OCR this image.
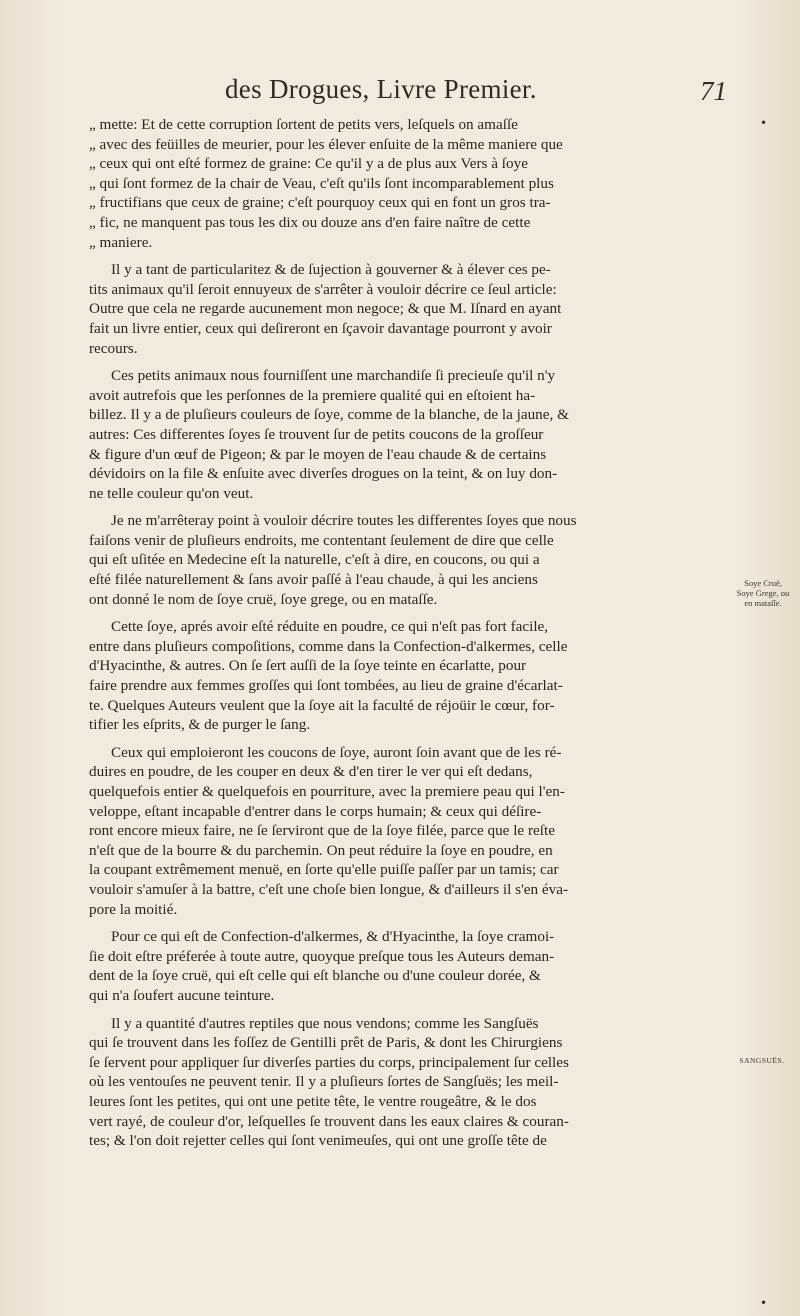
des Drogues, Livre Premier.	71
„ mette: Et de cette corruption ſortent de petits vers, leſquels on amaſſe
„ avec des feüilles de meurier, pour les élever enſuite de la même maniere que
„ ceux qui ont eſté formez de graine: Ce qu'il y a de plus aux Vers à ſoye
„ qui ſont formez de la chair de Veau, c'eſt qu'ils ſont incomparablement plus
„ fructifians que ceux de graine; c'eſt pourquoy ceux qui en font un gros tra-
„ fic, ne manquent pas tous les dix ou douze ans d'en faire naître de cette
„ maniere.
Il y a tant de particularitez & de ſujection à gouverner & à élever ces pe-
tits animaux qu'il ſeroit ennuyeux de s'arrêter à vouloir décrire ce ſeul article:
Outre que cela ne regarde aucunement mon negoce; & que M. Iſnard en ayant
fait un livre entier, ceux qui deſireront en ſçavoir davantage pourront y avoir
recours.
Ces petits animaux nous fourniſſent une marchandiſe ſi precieuſe qu'il n'y
avoit autrefois que les perſonnes de la premiere qualité qui en eſtoient ha-
billez. Il y a de pluſieurs couleurs de ſoye, comme de la blanche, de la jaune, &
autres: Ces differentes ſoyes ſe trouvent ſur de petits coucons de la groſſeur
& figure d'un œuf de Pigeon; & par le moyen de l'eau chaude & de certains
dévidoirs on la file & enſuite avec diverſes drogues on la teint, & on luy don-
ne telle couleur qu'on veut.
Je ne m'arrêteray point à vouloir décrire toutes les differentes ſoyes que nous
faiſons venir de pluſieurs endroits, me contentant ſeulement de dire que celle
qui eſt uſitée en Medecine eſt la naturelle, c'eſt à dire, en coucons, ou qui a
eſté filée naturellement & ſans avoir paſſé à l'eau chaude, à qui les anciens
ont donné le nom de ſoye cruë, ſoye grege, ou en mataſſe.
Cette ſoye, aprés avoir eſté réduite en poudre, ce qui n'eſt pas fort facile,
entre dans pluſieurs compoſitions, comme dans la Confection-d'alkermes, celle
d'Hyacinthe, & autres. On ſe ſert auſſi de la ſoye teinte en écarlatte, pour
faire prendre aux femmes groſſes qui ſont tombées, au lieu de graine d'écarlat-
te. Quelques Auteurs veulent que la ſoye ait la faculté de réjoüir le cœur, for-
tifier les eſprits, & de purger le ſang.
Ceux qui emploieront les coucons de ſoye, auront ſoin avant que de les ré-
duires en poudre, de les couper en deux & d'en tirer le ver qui eſt dedans,
quelquefois entier & quelquefois en pourriture, avec la premiere peau qui l'en-
veloppe, eſtant incapable d'entrer dans le corps humain; & ceux qui déſire-
ront encore mieux faire, ne ſe ſerviront que de la ſoye filée, parce que le reſte
n'eſt que de la bourre & du parchemin. On peut réduire la ſoye en poudre, en
la coupant extrêmement menuë, en ſorte qu'elle puiſſe paſſer par un tamis; car
vouloir s'amuſer à la battre, c'eſt une choſe bien longue, & d'ailleurs il s'en éva-
pore la moitié.
Pour ce qui eſt de Confection-d'alkermes, & d'Hyacinthe, la ſoye cramoi-
ſie doit eſtre préferée à toute autre, quoyque preſque tous les Auteurs deman-
dent de la ſoye cruë, qui eſt celle qui eſt blanche ou d'une couleur dorée, &
qui n'a ſoufert aucune teinture.
Il y a quantité d'autres reptiles que nous vendons; comme les Sangſuës
qui ſe trouvent dans les foſſez de Gentilli prêt de Paris, & dont les Chirurgiens
ſe ſervent pour appliquer ſur diverſes parties du corps, principalement ſur celles
où les ventouſes ne peuvent tenir. Il y a pluſieurs ſortes de Sangſuës; les meil-
leures ſont les petites, qui ont une petite tête, le ventre rougeâtre, & le dos
vert rayé, de couleur d'or, leſquelles ſe trouvent dans les eaux claires & couran-
tes; & l'on doit rejetter celles qui ſont venimeuſes, qui ont une groſſe tête de
Soye Cruë,
Soye Grege, ou
en mataſſe.
SANGSUËS.
•
•
